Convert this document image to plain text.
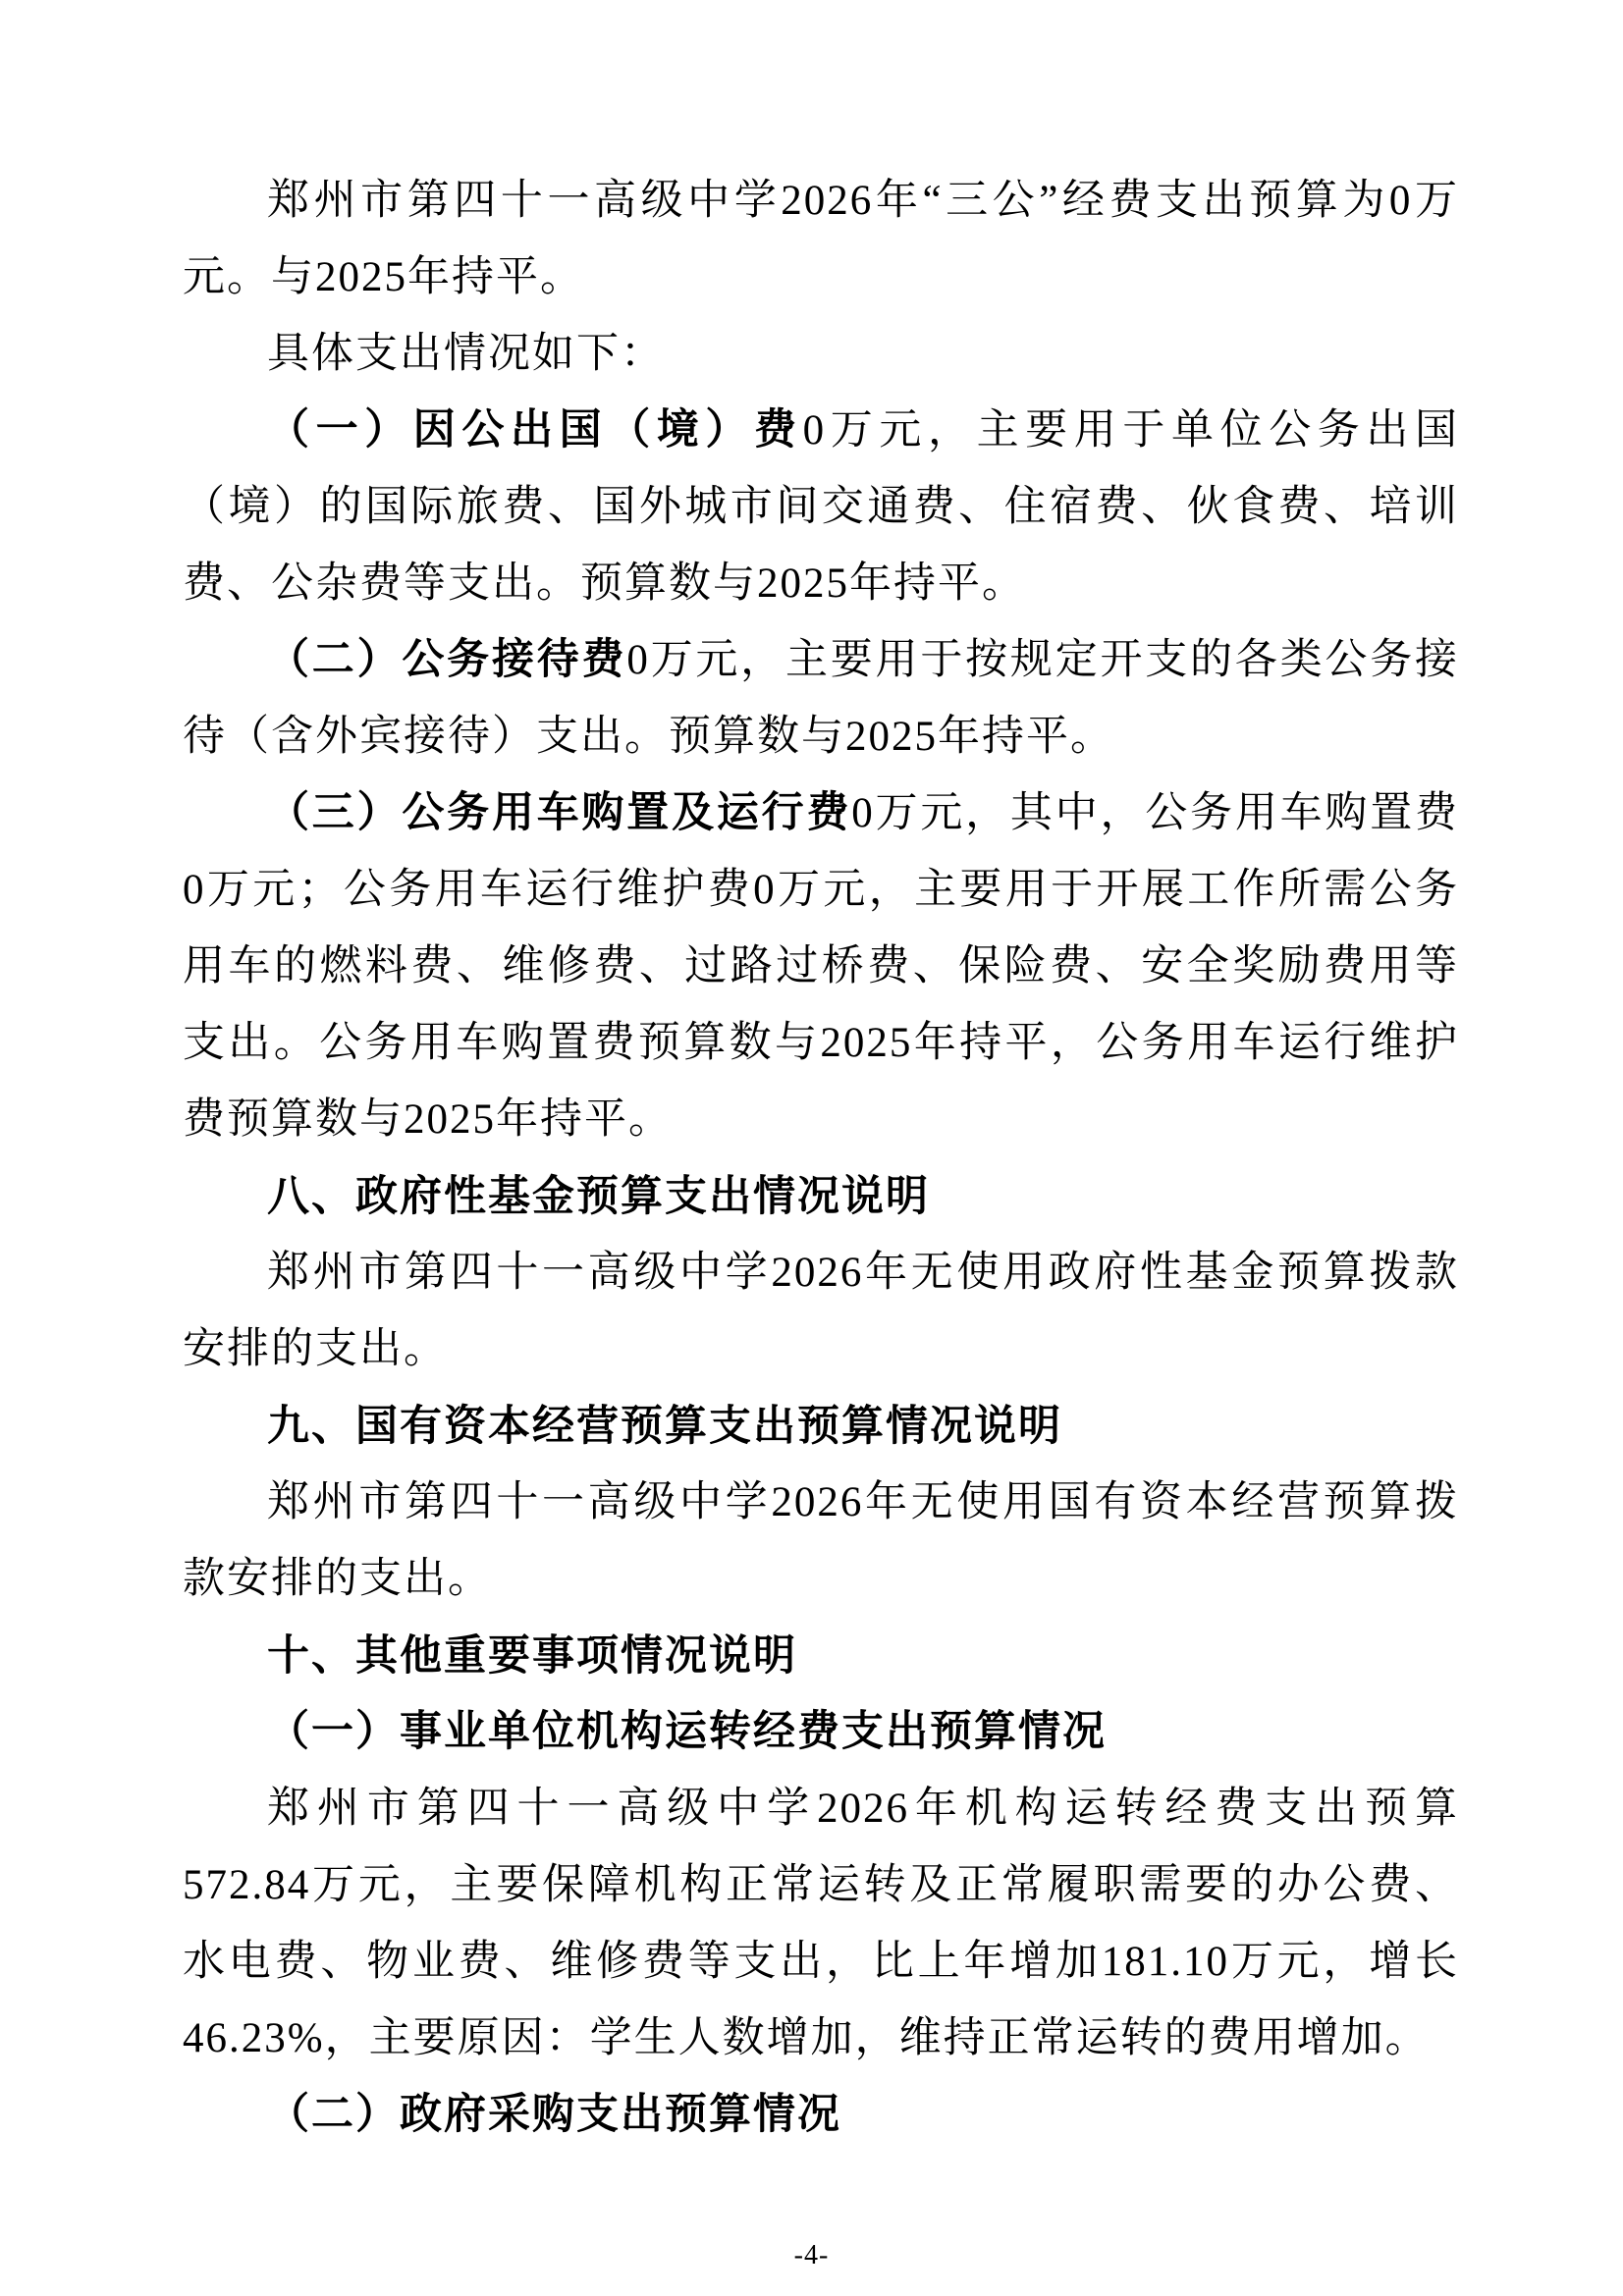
郑州市第四十一高级中学2026年“三公”经费支出预算为0万元。与2025年持平。

具体支出情况如下：

（一）因公出国（境）费0万元，主要用于单位公务出国（境）的国际旅费、国外城市间交通费、住宿费、伙食费、培训费、公杂费等支出。预算数与2025年持平。

（二）公务接待费0万元，主要用于按规定开支的各类公务接待（含外宾接待）支出。预算数与2025年持平。

（三）公务用车购置及运行费0万元，其中，公务用车购置费0万元；公务用车运行维护费0万元，主要用于开展工作所需公务用车的燃料费、维修费、过路过桥费、保险费、安全奖励费用等支出。公务用车购置费预算数与2025年持平，公务用车运行维护费预算数与2025年持平。

八、政府性基金预算支出情况说明

郑州市第四十一高级中学2026年无使用政府性基金预算拨款安排的支出。

九、国有资本经营预算支出预算情况说明

郑州市第四十一高级中学2026年无使用国有资本经营预算拨款安排的支出。

十、其他重要事项情况说明

（一）事业单位机构运转经费支出预算情况

郑州市第四十一高级中学2026年机构运转经费支出预算572.84万元，主要保障机构正常运转及正常履职需要的办公费、水电费、物业费、维修费等支出，比上年增加181.10万元，增长46.23%，主要原因：学生人数增加，维持正常运转的费用增加。

（二）政府采购支出预算情况

-4-
